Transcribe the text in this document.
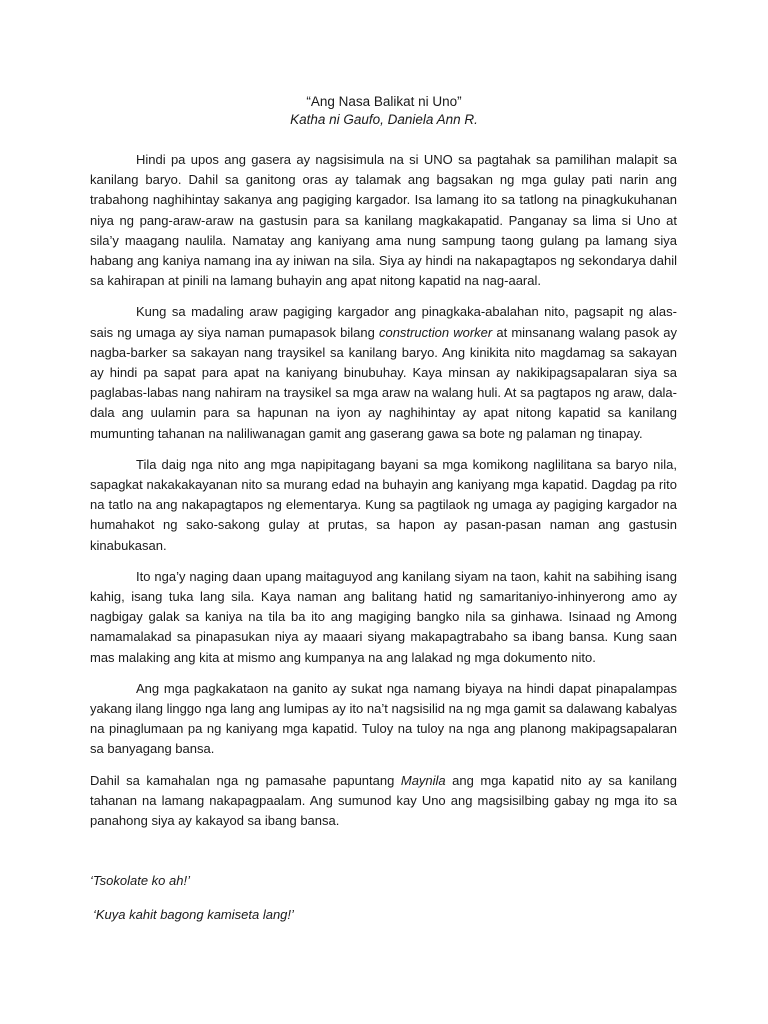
“Ang Nasa Balikat ni Uno”
Katha ni Gaufo, Daniela Ann R.

Hindi pa upos ang gasera ay nagsisimula na si UNO sa pagtahak sa pamilihan malapit sa kanilang baryo. Dahil sa ganitong oras ay talamak ang bagsakan ng mga gulay pati narin ang trabahong naghihintay sakanya ang pagiging kargador. Isa lamang ito sa tatlong na pinagkukuhanan niya ng pang-araw-araw na gastusin para sa kanilang magkakapatid. Panganay sa lima si Uno at sila’y maagang naulila. Namatay ang kaniyang ama nung sampung taong gulang pa lamang siya habang ang kaniya namang ina ay iniwan na sila. Siya ay hindi na nakapagtapos ng sekondarya dahil sa kahirapan at pinili na lamang buhayin ang apat nitong kapatid na nag-aaral.

Kung sa madaling araw pagiging kargador ang pinagkaka-abalahan nito, pagsapit ng alas-sais ng umaga ay siya naman pumapasok bilang construction worker at minsanang walang pasok ay nagba-barker sa sakayan nang traysikel sa kanilang baryo. Ang kinikita nito magdamag sa sakayan ay hindi pa sapat para apat na kaniyang binubuhay. Kaya minsan ay nakikipagsapalaran siya sa paglabas-labas nang nahiram na traysikel sa mga araw na walang huli. At sa pagtapos ng araw, dala-dala ang uulamin para sa hapunan na iyon ay naghihintay ay apat nitong kapatid sa kanilang mumunting tahanan na naliliwanagan gamit ang gaserang gawa sa bote ng palaman ng tinapay.

Tila daig nga nito ang mga napipitagang bayani sa mga komikong naglilitana sa baryo nila, sapagkat nakakakayanan nito sa murang edad na buhayin ang kaniyang mga kapatid. Dagdag pa rito na tatlo na ang nakapagtapos ng elementarya. Kung sa pagtilaok ng umaga ay pagiging kargador na humahakot ng sako-sakong gulay at prutas, sa hapon ay pasan-pasan naman ang gastusin kinabukasan.

Ito nga’y naging daan upang maitaguyod ang kanilang siyam na taon, kahit na sabihing isang kahig, isang tuka lang sila. Kaya naman ang balitang hatid ng samaritaniyo-inhinyerong amo ay nagbigay galak sa kaniya na tila ba ito ang magiging bangko nila sa ginhawa. Isinaad ng Among namamalakad sa pinapasukan niya ay maaari siyang makapagtrabaho sa ibang bansa. Kung saan mas malaking ang kita at mismo ang kumpanya na ang lalakad ng mga dokumento nito.

Ang mga pagkakataon na ganito ay sukat nga namang biyaya na hindi dapat pinapalampas yakang ilang linggo nga lang ang lumipas ay ito na’t nagsisilid na ng mga gamit sa dalawang kabalyas na pinaglumaan pa ng kaniyang mga kapatid. Tuloy na tuloy na nga ang planong makipagsapalaran sa banyagang bansa.

Dahil sa kamahalan nga ng pamasahe papuntang Maynila ang mga kapatid nito ay sa kanilang tahanan na lamang nakapagpaalam. Ang sumunod kay Uno ang magsisilbing gabay ng mga ito sa panahong siya ay kakayod sa ibang bansa.

‘Tsokolate ko ah!’
‘Kuya kahit bagong kamiseta lang!’
